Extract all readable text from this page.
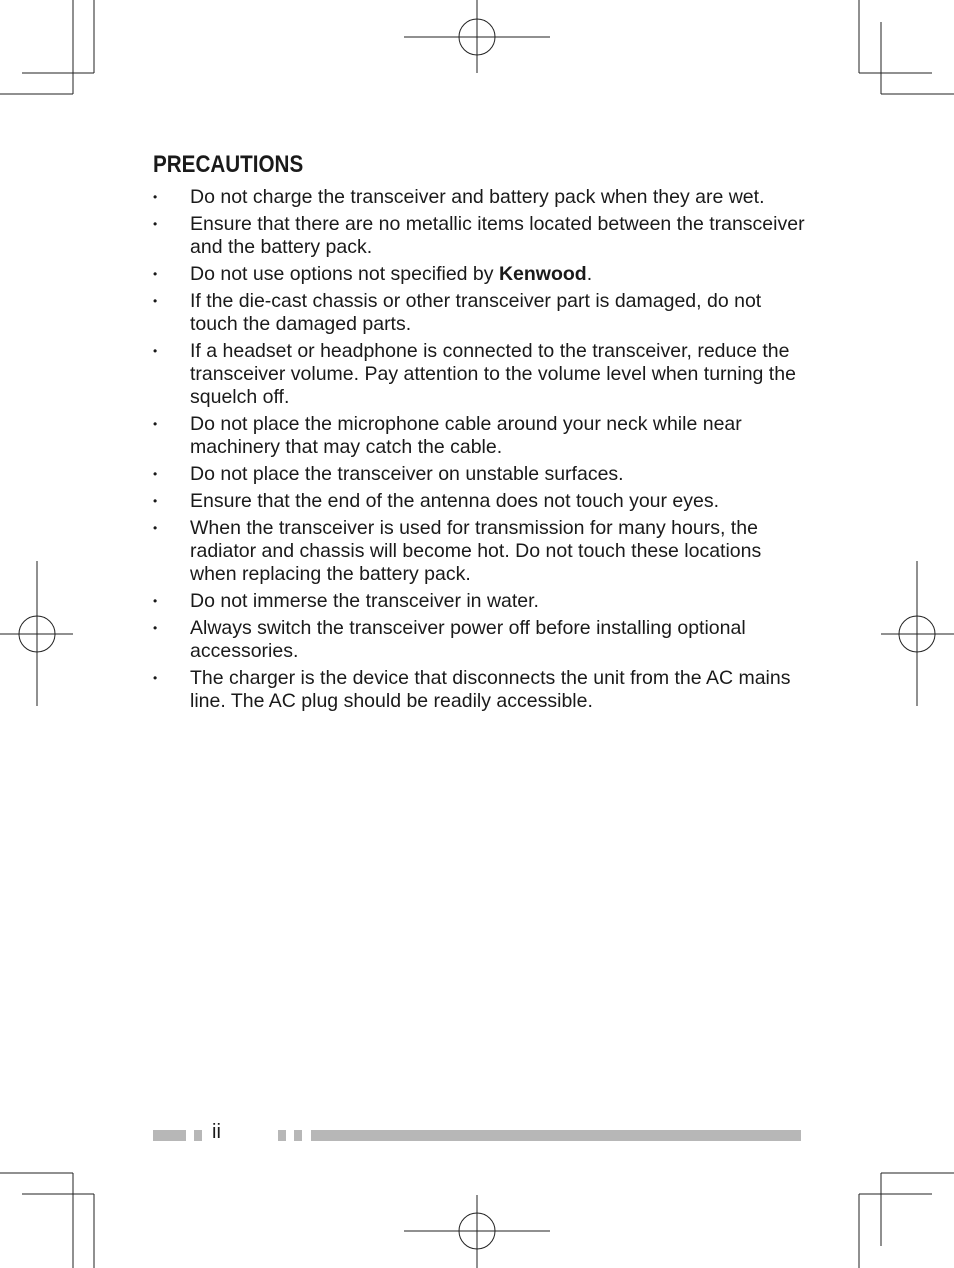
PRECAUTIONS
• Do not charge the transceiver and battery pack when they are wet.
• Ensure that there are no metallic items located between the transceiver and the battery pack.
• Do not use options not specified by Kenwood.
• If the die-cast chassis or other transceiver part is damaged, do not touch the damaged parts.
• If a headset or headphone is connected to the transceiver, reduce the transceiver volume. Pay attention to the volume level when turning the squelch off.
• Do not place the microphone cable around your neck while near machinery that may catch the cable.
• Do not place the transceiver on unstable surfaces.
• Ensure that the end of the antenna does not touch your eyes.
• When the transceiver is used for transmission for many hours, the radiator and chassis will become hot. Do not touch these locations when replacing the battery pack.
• Do not immerse the transceiver in water.
• Always switch the transceiver power off before installing optional accessories.
• The charger is the device that disconnects the unit from the AC mains line. The AC plug should be readily accessible.
ii
